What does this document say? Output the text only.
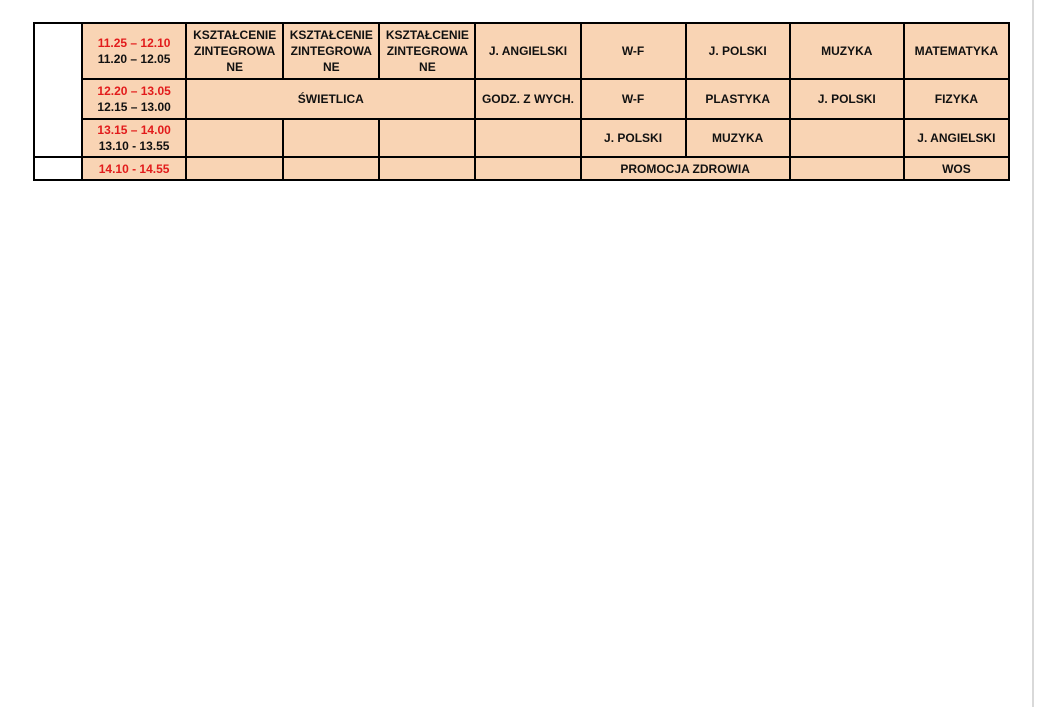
	11.25 – 12.10
11.20 – 12.05	KSZTAŁCENIE
ZINTEGROWA
NE	KSZTAŁCENIE
ZINTEGROWA
NE	KSZTAŁCENIE
ZINTEGROWA
NE	J. ANGIELSKI	W-F	J. POLSKI	MUZYKA	MATEMATYKA

	12.20 – 13.05
12.15 – 13.00	ŚWIETLICA			GODZ. Z WYCH.	W-F	PLASTYKA	J. POLSKI	FIZYKA

	13.15 – 14.00
13.10 - 13.55					J. POLSKI	MUZYKA		J. ANGIELSKI

	14.10 - 14.55					PROMOCJA ZDROWIA			WOS
